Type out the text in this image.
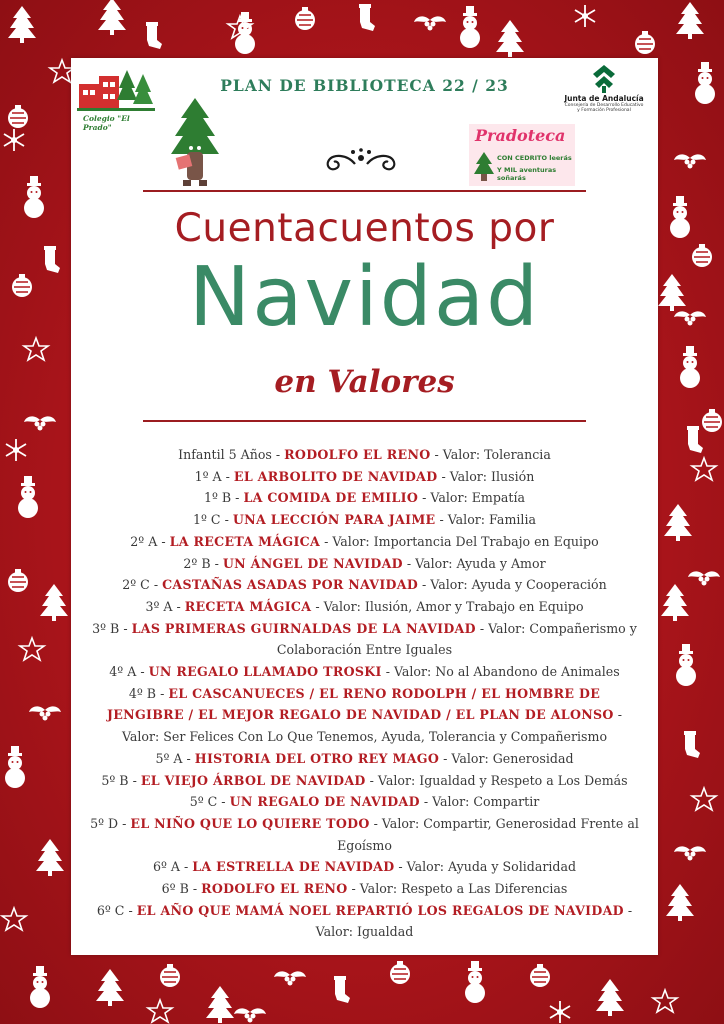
Colegio "El Prado"
PLAN DE BIBLIOTECA 22 / 23
Junta de Andalucía
Consejería de Desarrollo Educativo
y Formación Profesional
Pradoteca
CON CEDRITO leerás
Y MIL aventuras soñarás
Cuentacuentos por
Navidad
en Valores

Infantil 5 Años - RODOLFO EL RENO - Valor: Tolerancia

1º A - EL ARBOLITO DE NAVIDAD - Valor: Ilusión

1º B - LA COMIDA DE EMILIO - Valor: Empatía

1º C - UNA LECCIÓN PARA JAIME - Valor: Familia

2º A - LA RECETA MÁGICA - Valor: Importancia Del Trabajo en Equipo

2º B - UN ÁNGEL DE NAVIDAD - Valor: Ayuda y Amor

2º C - CASTAÑAS ASADAS POR NAVIDAD - Valor: Ayuda y Cooperación

3º A - RECETA MÁGICA - Valor: Ilusión, Amor y Trabajo en Equipo

3º B - LAS PRIMERAS GUIRNALDAS DE LA NAVIDAD - Valor: Compañerismo y Colaboración Entre Iguales

4º A - UN REGALO LLAMADO TROSKI - Valor: No al Abandono de Animales

4º B - EL CASCANUECES / EL RENO RODOLPH / EL HOMBRE DE JENGIBRE / EL MEJOR REGALO DE NAVIDAD / EL PLAN DE ALONSO - Valor: Ser Felices Con Lo Que Tenemos, Ayuda, Tolerancia y Compañerismo

5º A - HISTORIA DEL OTRO REY MAGO - Valor: Generosidad

5º B - EL VIEJO ÁRBOL DE NAVIDAD - Valor: Igualdad y Respeto a Los Demás

5º C - UN REGALO DE NAVIDAD - Valor: Compartir

5º D - EL NIÑO QUE LO QUIERE TODO - Valor: Compartir, Generosidad Frente al Egoísmo

6º A - LA ESTRELLA DE NAVIDAD - Valor: Ayuda y Solidaridad

6º B - RODOLFO EL RENO - Valor: Respeto a Las Diferencias

6º C - EL AÑO QUE MAMÁ NOEL REPARTIÓ LOS REGALOS DE NAVIDAD - Valor: Igualdad
